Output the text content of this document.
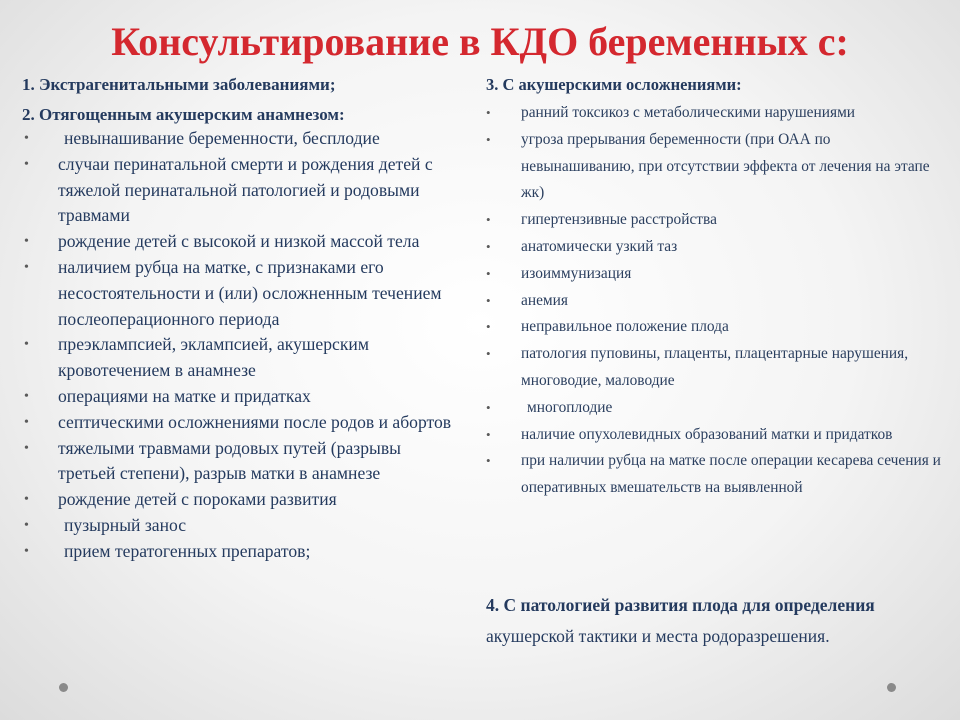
Консультирование в КДО беременных с:

1. Экстрагенитальными заболеваниями;

2. Отягощенным акушерским анамнезом:

• невынашивание беременности, бесплодие
• случаи перинатальной смерти и рождения детей с тяжелой перинатальной патологией и родовыми травмами
• рождение детей с высокой и низкой массой тела
• наличием рубца на матке, с признаками его несостоятельности и (или) осложненным течением послеоперационного периода
• преэклампсией, эклампсией, акушерским кровотечением в анамнезе
• операциями на матке и придатках
• септическими осложнениями после родов и абортов
• тяжелыми травмами родовых путей (разрывы третьей степени), разрыв матки в анамнезе
• рождение детей с пороками развития
• пузырный занос
• прием тератогенных препаратов;

3. С акушерскими осложнениями:

• ранний токсикоз с метаболическими нарушениями
• угроза прерывания беременности (при ОАА по невынашиванию, при отсутствии эффекта от лечения на этапе жк)
• гипертензивные расстройства
• анатомически узкий таз
• изоиммунизация
• анемия
• неправильное положение плода
• патология пуповины, плаценты, плацентарные нарушения, многоводие, маловодие
• многоплодие
• наличие опухолевидных образований матки и придатков
• при наличии рубца на матке после операции кесарева сечения и оперативных вмешательств на выявленной
4. С патологией развития плода для определения акушерской тактики и места родоразрешения.
